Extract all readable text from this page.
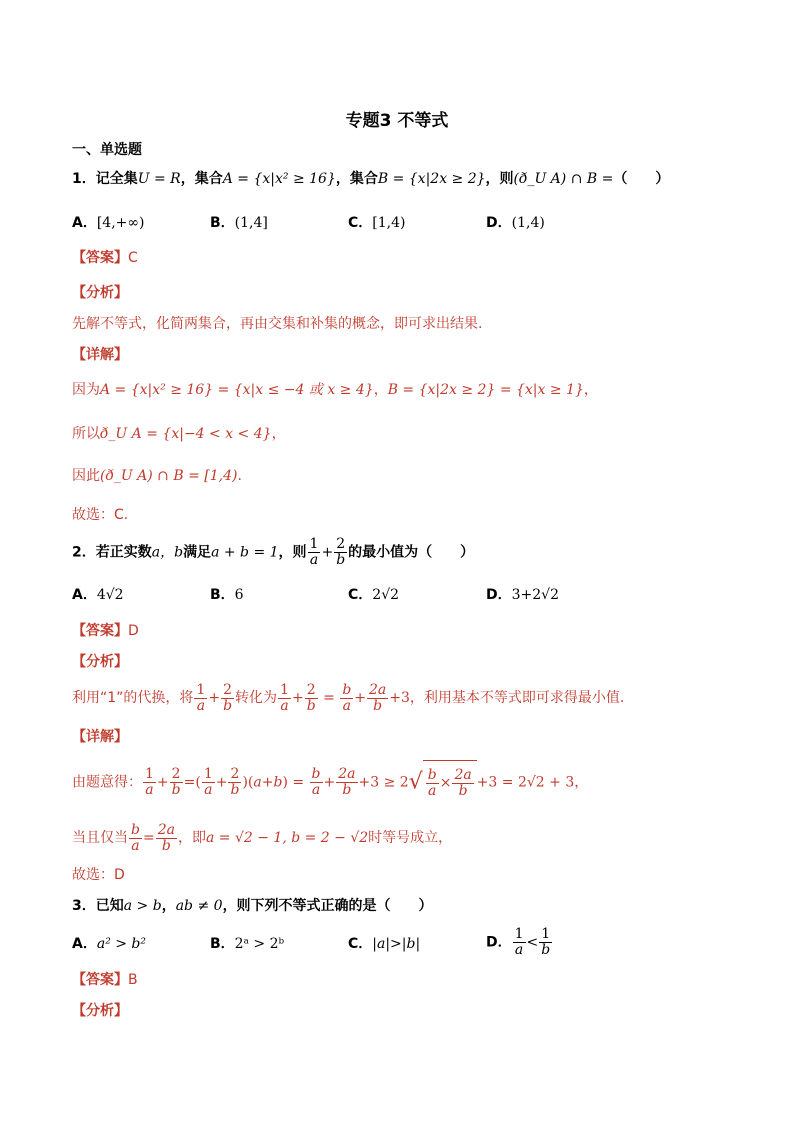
专题3 不等式
一、单选题
1．记全集U = R，集合A = {x|x² ≥ 16}，集合B = {x|2x ≥ 2}，则(ð_U A) ∩ B =（　　）
A．[4,+∞)	B．(1,4]	C．[1,4)	D．(1,4)
【答案】C
【分析】
先解不等式，化简两集合，再由交集和补集的概念，即可求出结果.
【详解】
因为A = {x|x² ≥ 16} = {x|x ≤ −4 或 x ≥ 4}，B = {x|2x ≥ 2} = {x|x ≥ 1}，
所以ð_U A = {x|−4 < x < 4}，
因此(ð_U A) ∩ B = [1,4).
故选：C.
2．若正实数a，b满足a + b = 1，则 $\frac{1}{a} + \frac{2}{b}$ 的最小值为（　　）
A．4√2	B．6	C．2√2	D．3+2√2
【答案】D
【分析】
利用“1”的代换，将 $\frac{1}{a} + \frac{2}{b}$ 转化为 $\frac{1}{a} + \frac{2}{b} = \frac{b}{a} + \frac{2a}{b} +3$，利用基本不等式即可求得最小值.
【详解】
由题意得： $\frac{1}{a} + \frac{2}{b}$ =( $\frac{1}{a} + \frac{2}{b} )(a+b) = \frac{b}{a} + \frac{2a}{b} +3 \ge 2√ \frac{b}{a} \times \frac{2a}{b} +3 = 2√2 + 3$，
当且仅当 $\frac{b}{a} = \frac{2a}{b}$ ，即a = √2 − 1, b = 2 − √2时等号成立，
故选：D
3．已知a > b，ab ≠ 0，则下列不等式正确的是（　　）
A．a² > b²	B．2ᵃ > 2ᵇ	C．|a|>|b|	D． $\frac{1}{a} < \frac{1}{b}$
【答案】B
【分析】
